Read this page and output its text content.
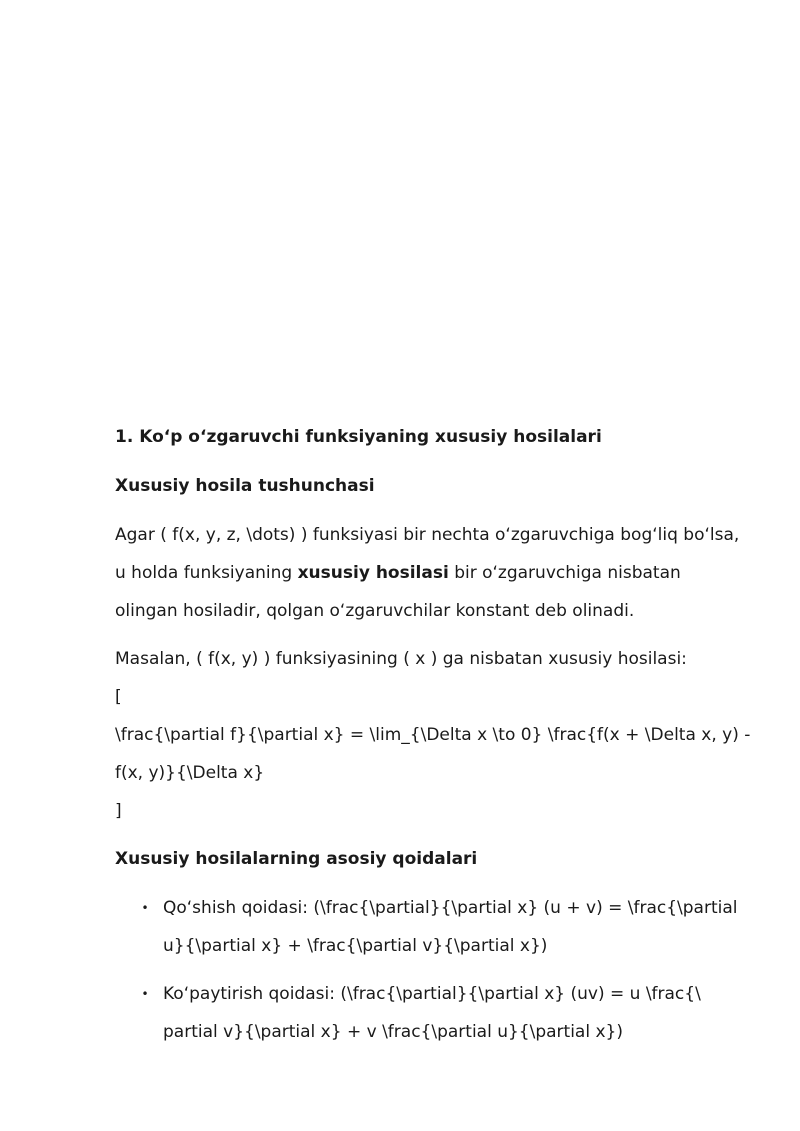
1. Ko‘p o‘zgaruvchi funksiyaning xususiy hosilalari
Xususiy hosila tushunchasi
Agar ( f(x, y, z, \dots) ) funksiyasi bir nechta o‘zgaruvchiga bog‘liq bo‘lsa,
u holda funksiyaning xususiy hosilasi bir o‘zgaruvchiga nisbatan
olingan hosiladir, qolgan o‘zgaruvchilar konstant deb olinadi.
Masalan, ( f(x, y) ) funksiyasining ( x ) ga nisbatan xususiy hosilasi:
[
\frac{\partial f}{\partial x} = \lim_{\Delta x \to 0} \frac{f(x + \Delta x, y) -
f(x, y)}{\Delta x}
]
Xususiy hosilalarning asosiy qoidalari
• Qo‘shish qoidasi: (\frac{\partial}{\partial x} (u + v) = \frac{\partial
u}{\partial x} + \frac{\partial v}{\partial x})
• Ko‘paytirish qoidasi: (\frac{\partial}{\partial x} (uv) = u \frac{\
partial v}{\partial x} + v \frac{\partial u}{\partial x})
